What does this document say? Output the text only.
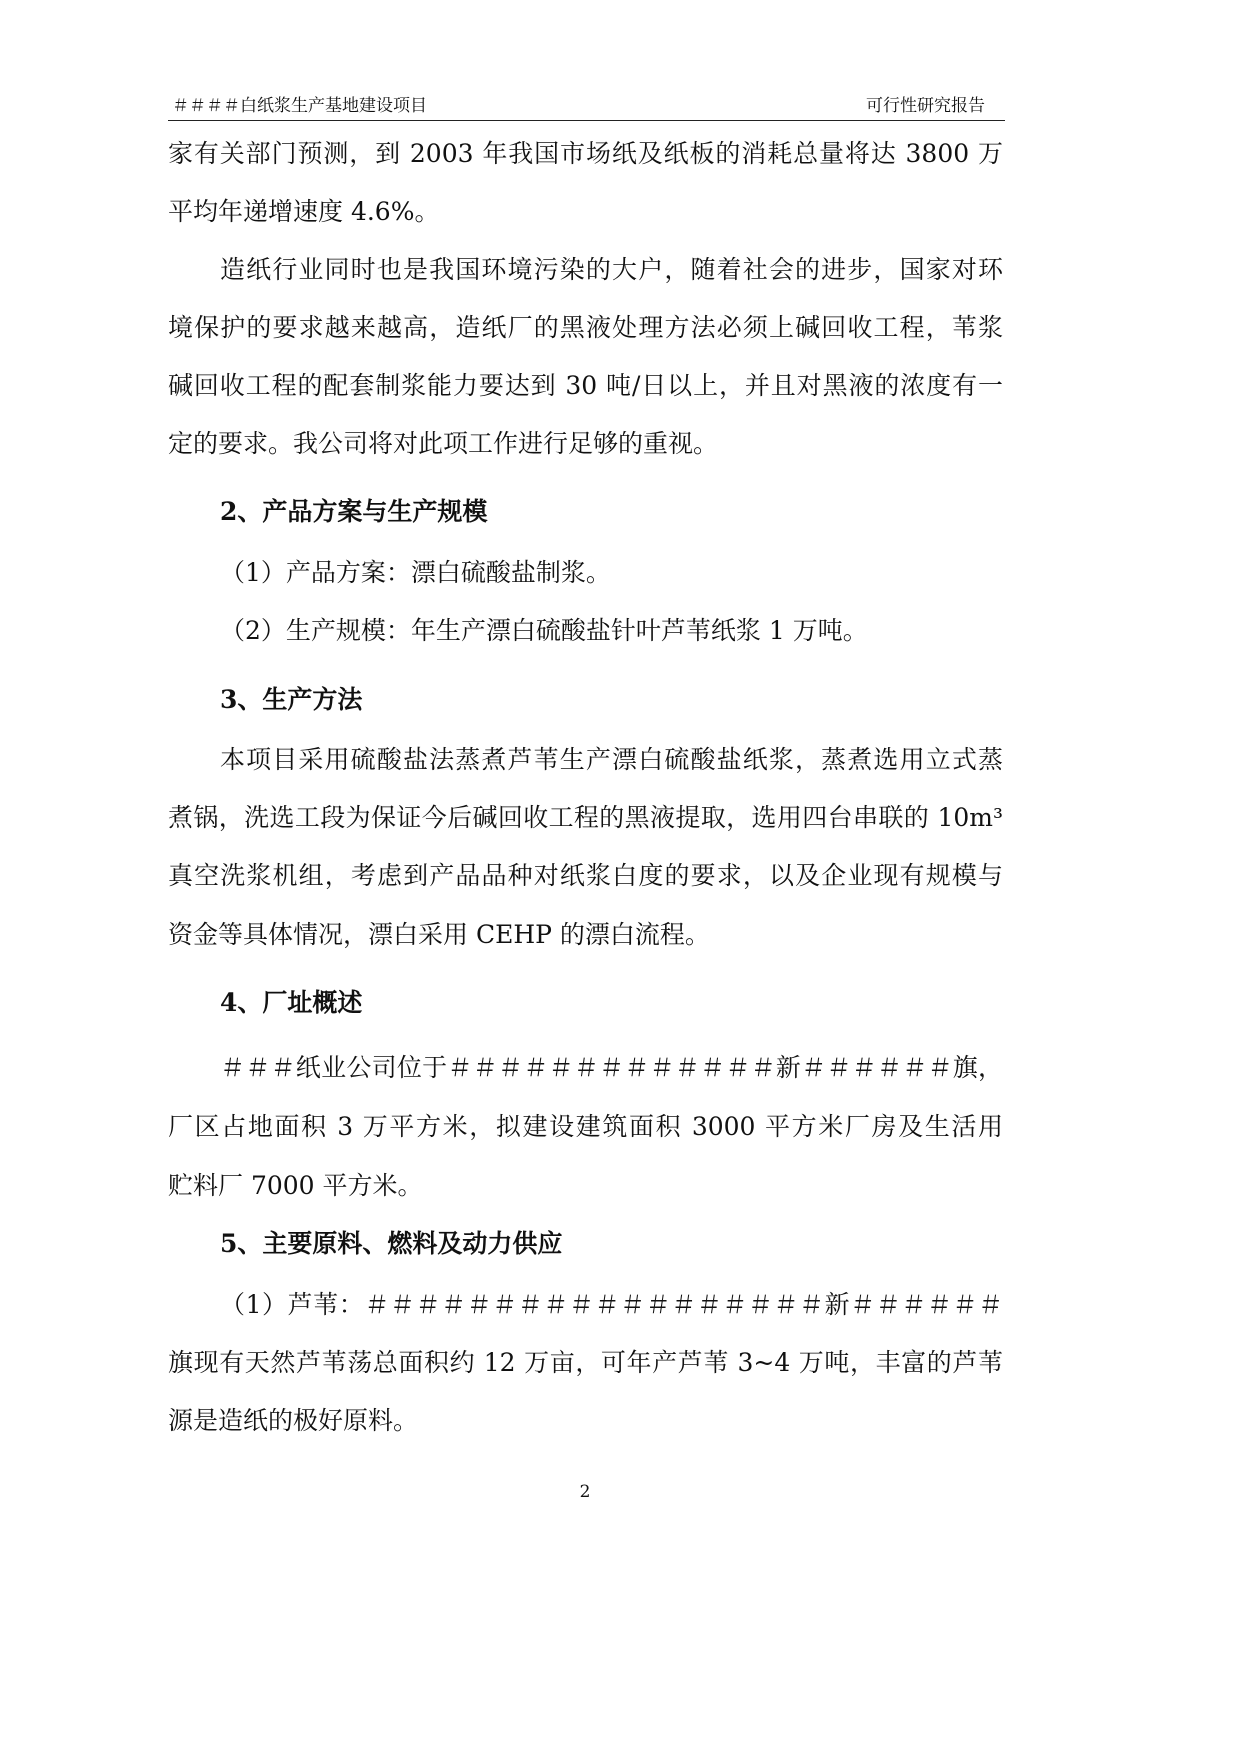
＃＃＃＃白纸浆生产基地建设项目	可行性研究报告
家有关部门预测，到 2003 年我国市场纸及纸板的消耗总量将达 3800 万
平均年递增速度 4.6%。
造纸行业同时也是我国环境污染的大户，随着社会的进步，国家对环
境保护的要求越来越高，造纸厂的黑液处理方法必须上碱回收工程，苇浆
碱回收工程的配套制浆能力要达到 30 吨/日以上，并且对黑液的浓度有一
定的要求。我公司将对此项工作进行足够的重视。
2、产品方案与生产规模
（1）产品方案：漂白硫酸盐制浆。
（2）生产规模：年生产漂白硫酸盐针叶芦苇纸浆 1 万吨。
3、生产方法
本项目采用硫酸盐法蒸煮芦苇生产漂白硫酸盐纸浆，蒸煮选用立式蒸
煮锅，洗选工段为保证今后碱回收工程的黑液提取，选用四台串联的 10m³
真空洗浆机组，考虑到产品品种对纸浆白度的要求，以及企业现有规模与
资金等具体情况，漂白采用 CEHP 的漂白流程。
4、厂址概述
＃＃＃纸业公司位于＃＃＃＃＃＃＃＃＃＃＃＃＃新＃＃＃＃＃＃旗，
厂区占地面积 3 万平方米，拟建设建筑面积 3000 平方米厂房及生活用
贮料厂 7000 平方米。
5、主要原料、燃料及动力供应
（1）芦苇：＃＃＃＃＃＃＃＃＃＃＃＃＃＃＃＃＃＃新＃＃＃＃＃＃
旗现有天然芦苇荡总面积约 12 万亩，可年产芦苇 3~4 万吨，丰富的芦苇
源是造纸的极好原料。
2
